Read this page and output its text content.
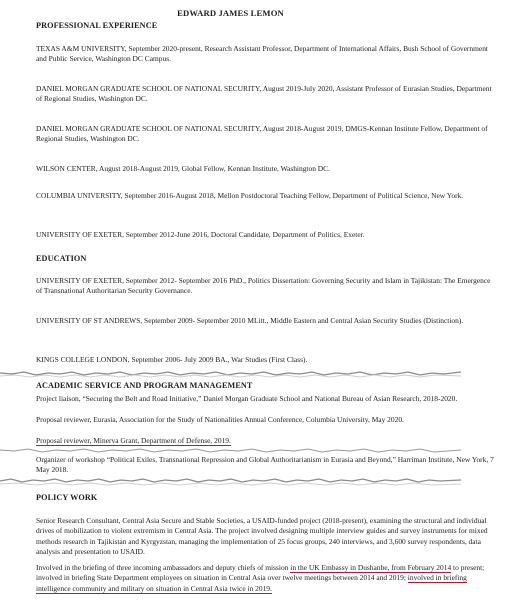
EDWARD JAMES LEMON
PROFESSIONAL EXPERIENCE
TEXAS A&M UNIVERSITY, September 2020-present, Research Assistant Professor, Department of International Affairs, Bush School of Government and Public Service, Washington DC Campus.
DANIEL MORGAN GRADUATE SCHOOL OF NATIONAL SECURITY, August 2019-July 2020, Assistant Professor of Eurasian Studies, Department of Regional Studies, Washington DC.
DANIEL MORGAN GRADUATE SCHOOL OF NATIONAL SECURITY, August 2018-August 2019, DMGS-Kennan Institute Fellow, Department of Regional Studies, Washington DC.
WILSON CENTER, August 2018-August 2019, Global Fellow, Kennan Institute, Washington DC.
COLUMBIA UNIVERSITY, September 2016-August 2018, Mellon Postdoctoral Teaching Fellow, Department of Political Science, New York.
UNIVERSITY OF EXETER, September 2012-June 2016, Doctoral Candidate, Department of Politics, Exeter.
EDUCATION
UNIVERSITY OF EXETER, September 2012- September 2016 PhD., Politics Dissertation: Governing Security and Islam in Tajikistan: The Emergence of Transnational Authoritarian Security Governance.
UNIVERSITY OF ST ANDREWS, September 2009- September 2010 MLitt., Middle Eastern and Central Asian Security Studies (Distinction).
KINGS COLLEGE LONDON, September 2006- July 2009 BA., War Studies (First Class).
ACADEMIC SERVICE AND PROGRAM MANAGEMENT
Project liaison, “Securing the Belt and Road Initiative,” Daniel Morgan Graduate School and National Bureau of Asian Research, 2018-2020.
Proposal reviewer, Eurasia, Association for the Study of Nationalities Annual Conference, Columbia University, May 2020.
Proposal reviewer, Minerva Grant, Department of Defense, 2019.
Organizer of workshop “Political Exiles, Transnational Repression and Global Authoritarianism in Eurasia and Beyond,” Harriman Institute, New York, 7 May 2018.
POLICY WORK
Senior Research Consultant, Central Asia Secure and Stable Societies, a USAID-funded project (2018-present), examining the structural and individual drives of mobilization to violent extremism in Central Asia. The project involved designing multiple interview guides and survey instruments for mixed methods research in Tajikistan and Kyrgyzstan, managing the implementation of 25 focus groups, 240 interviews, and 3,600 survey respondents, data analysis and presentation to USAID.
Involved in the briefing of three incoming ambassadors and deputy chiefs of mission in the UK Embassy in Dushanbe, from February 2014 to present; involved in briefing State Department employees on situation in Central Asia over twelve meetings between 2014 and 2019; involved in briefing intelligence community and military on situation in Central Asia twice in 2019.
